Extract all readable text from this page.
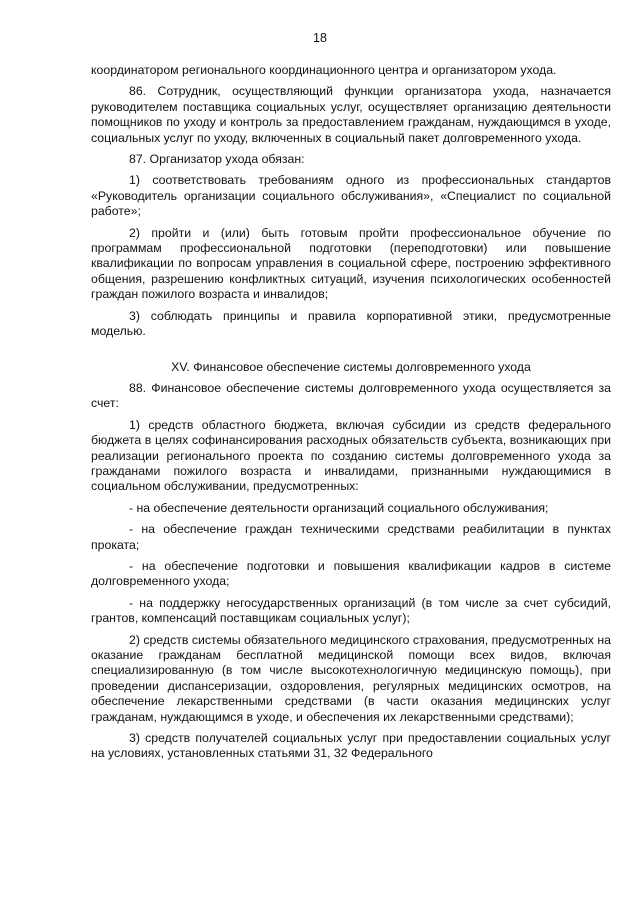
18

координатором регионального координационного центра и организатором ухода.

86. Сотрудник, осуществляющий функции организатора ухода, назначается руководителем поставщика социальных услуг, осуществляет организацию деятельности помощников по уходу и контроль за предоставлением гражданам, нуждающимся в уходе, социальных услуг по уходу, включенных в социальный пакет долговременного ухода.

87. Организатор ухода обязан:

1) соответствовать требованиям одного из профессиональных стандартов «Руководитель организации социального обслуживания», «Специалист по социальной работе»;

2) пройти и (или) быть готовым пройти профессиональное обучение по программам профессиональной подготовки (переподготовки) или повышение квалификации по вопросам управления в социальной сфере, построению эффективного общения, разрешению конфликтных ситуаций, изучения психологических особенностей граждан пожилого возраста и инвалидов;

3) соблюдать принципы и правила корпоративной этики, предусмотренные моделью.

XV. Финансовое обеспечение системы долговременного ухода

88. Финансовое обеспечение системы долговременного ухода осуществляется за счет:

1) средств областного бюджета, включая субсидии из средств федерального бюджета в целях софинансирования расходных обязательств субъекта, возникающих при реализации регионального проекта по созданию системы долговременного ухода за гражданами пожилого возраста и инвалидами, признанными нуждающимися в социальном обслуживании, предусмотренных:

- на обеспечение деятельности организаций социального обслуживания;

- на обеспечение граждан техническими средствами реабилитации в пунктах проката;

- на обеспечение подготовки и повышения квалификации кадров в системе долговременного ухода;

- на поддержку негосударственных организаций (в том числе за счет субсидий, грантов, компенсаций поставщикам социальных услуг);

2) средств системы обязательного медицинского страхования, предусмотренных на оказание гражданам бесплатной медицинской помощи всех видов, включая специализированную (в том числе высокотехнологичную медицинскую помощь), при проведении диспансеризации, оздоровления, регулярных медицинских осмотров, на обеспечение лекарственными средствами (в части оказания медицинских услуг гражданам, нуждающимся в уходе, и обеспечения их лекарственными средствами);

3) средств получателей социальных услуг при предоставлении социальных услуг на условиях, установленных статьями 31, 32 Федерального
